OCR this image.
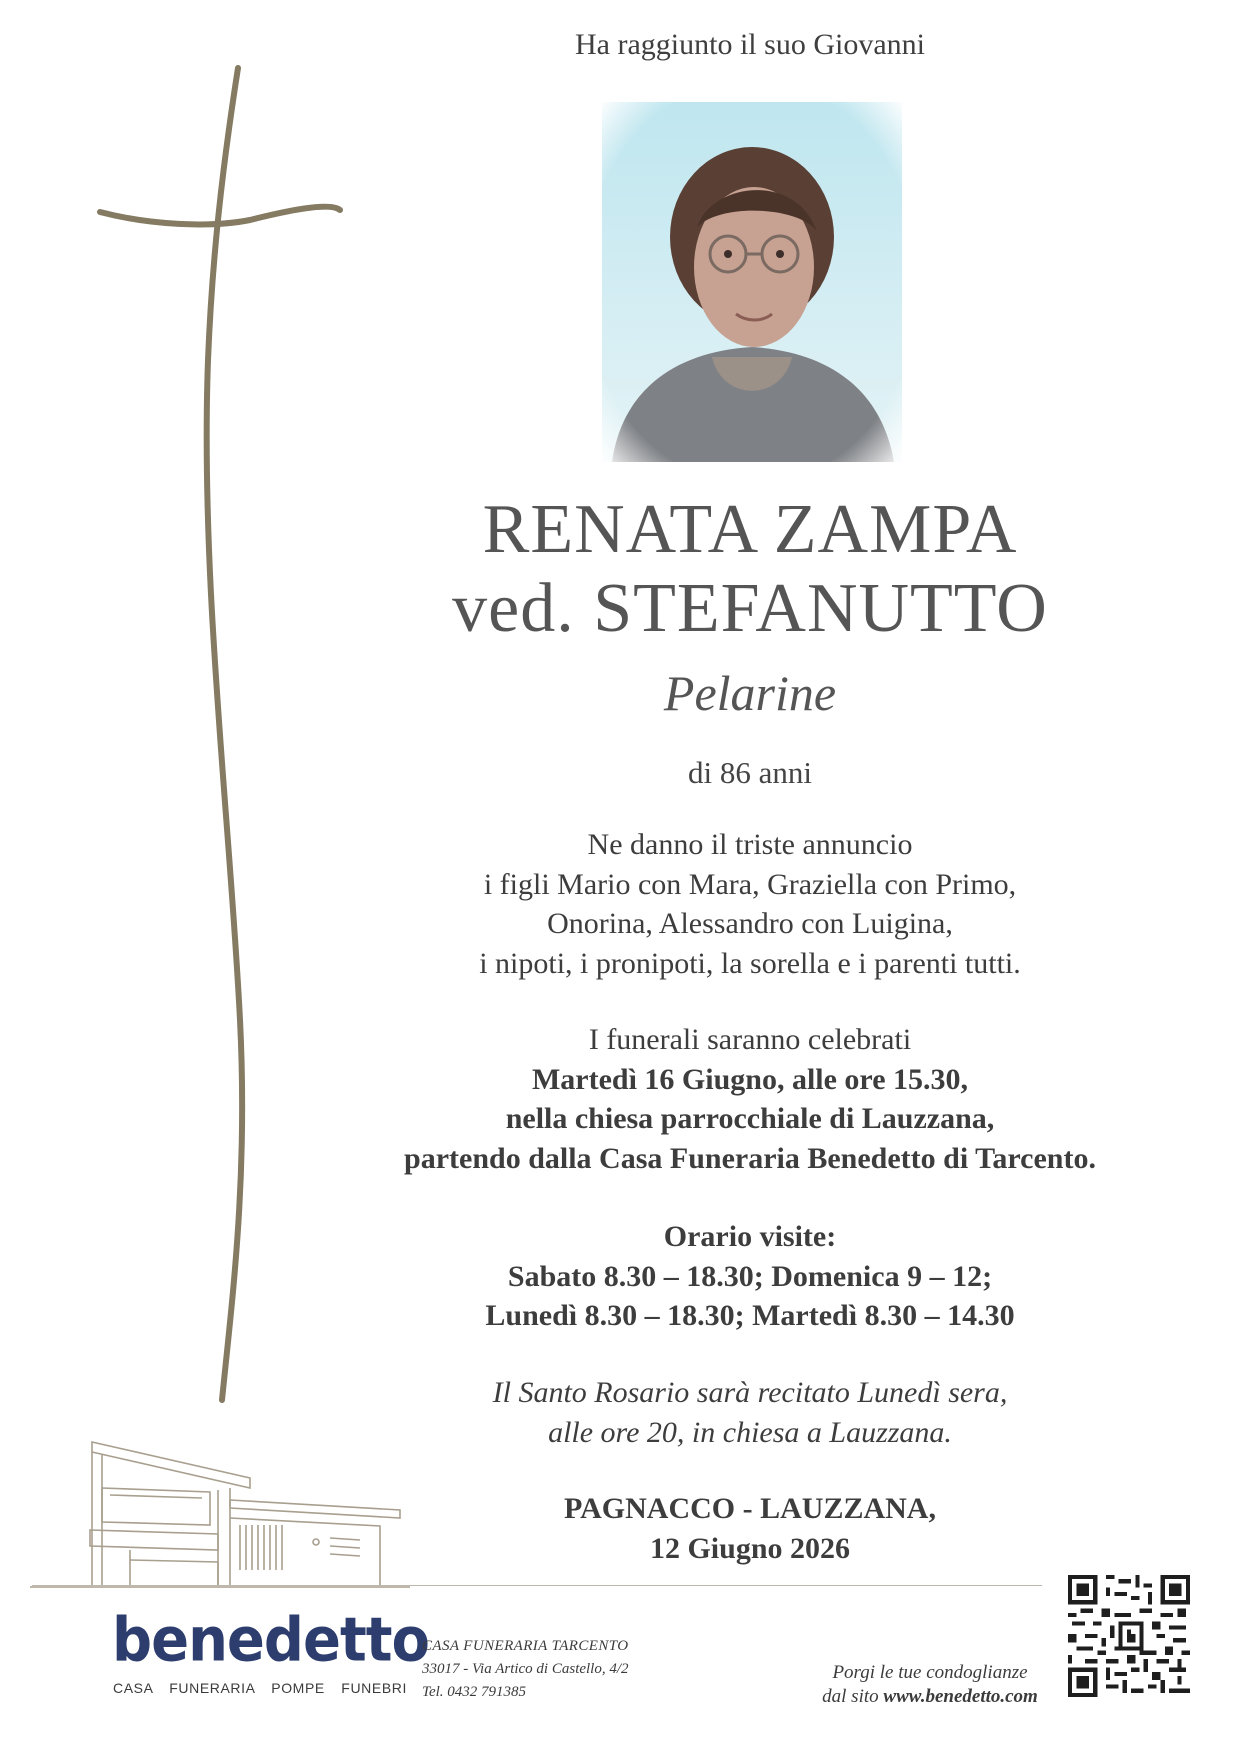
Ha raggiunto il suo Giovanni
RENATA ZAMPA
ved. STEFANUTTO
Pelarine
di 86 anni
Ne danno il triste annuncio
i figli Mario con Mara, Graziella con Primo,
Onorina, Alessandro con Luigina,
i nipoti, i pronipoti, la sorella e i parenti tutti.
I funerali saranno celebrati
Martedì 16 Giugno, alle ore 15.30,
nella chiesa parrocchiale di Lauzzana,
partendo dalla Casa Funeraria Benedetto di Tarcento.
Orario visite:
Sabato 8.30 – 18.30; Domenica 9 – 12;
Lunedì 8.30 – 18.30; Martedì 8.30 – 14.30
Il Santo Rosario sarà recitato Lunedì sera,
alle ore 20, in chiesa a Lauzzana.
PAGNACCO - LAUZZANA,
12 Giugno 2026
benedetto
CASA FUNERARIA POMPE FUNEBRI
CASA FUNERARIA TARCENTO
33017 - Via Artico di Castello, 4/2
Tel. 0432 791385
Porgi le tue condoglianze
dal sito www.benedetto.com
